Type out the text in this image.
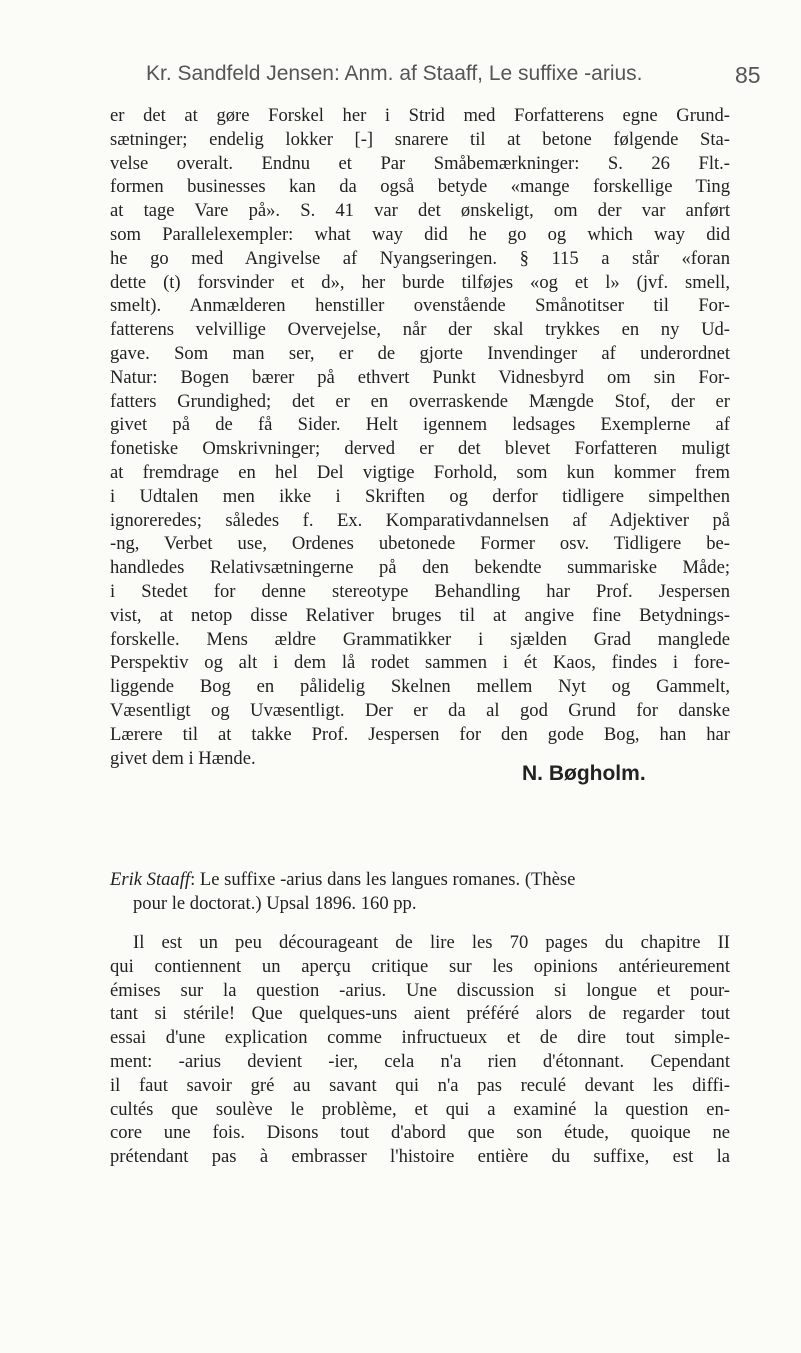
Kr. Sandfeld Jensen: Anm. af Staaff, Le suffixe -arius.	85
er det at gøre Forskel her i Strid med Forfatterens egne Grund-
sætninger; endelig lokker [-] snarere til at betone følgende Sta-
velse overalt. Endnu et Par Småbemærkninger: S. 26 Flt.-
formen businesses kan da også betyde «mange forskellige Ting
at tage Vare på». S. 41 var det ønskeligt, om der var anført
som Parallelexempler: what way did he go og which way did
he go med Angivelse af Nyangseringen. § 115 a står «foran
dette (t) forsvinder et d», her burde tilføjes «og et l» (jvf. smell,
smelt). Anmælderen henstiller ovenstående Smånotitser til For-
fatterens velvillige Overvejelse, når der skal trykkes en ny Ud-
gave. Som man ser, er de gjorte Invendinger af underordnet
Natur: Bogen bærer på ethvert Punkt Vidnesbyrd om sin For-
fatters Grundighed; det er en overraskende Mængde Stof, der er
givet på de få Sider. Helt igennem ledsages Exemplerne af
fonetiske Omskrivninger; derved er det blevet Forfatteren muligt
at fremdrage en hel Del vigtige Forhold, som kun kommer frem
i Udtalen men ikke i Skriften og derfor tidligere simpelthen
ignoreredes; således f. Ex. Komparativdannelsen af Adjektiver på
-ng, Verbet use, Ordenes ubetonede Former osv. Tidligere be-
handledes Relativsætningerne på den bekendte summariske Måde;
i Stedet for denne stereotype Behandling har Prof. Jespersen
vist, at netop disse Relativer bruges til at angive fine Betydnings-
forskelle. Mens ældre Grammatikker i sjælden Grad manglede
Perspektiv og alt i dem lå rodet sammen i ét Kaos, findes i fore-
liggende Bog en pålidelig Skelnen mellem Nyt og Gammelt,
Væsentligt og Uvæsentligt. Der er da al god Grund for danske
Lærere til at takke Prof. Jespersen for den gode Bog, han har
givet dem i Hænde.
N. Bøgholm.
Erik Staaff: Le suffixe -arius dans les langues romanes. (Thèse
pour le doctorat.) Upsal 1896. 160 pp.
Il est un peu décourageant de lire les 70 pages du chapitre II
qui contiennent un aperçu critique sur les opinions antérieurement
émises sur la question -arius. Une discussion si longue et pour-
tant si stérile! Que quelques-uns aient préféré alors de regarder tout
essai d'une explication comme infructueux et de dire tout simple-
ment: -arius devient -ier, cela n'a rien d'étonnant. Cependant
il faut savoir gré au savant qui n'a pas reculé devant les diffi-
cultés que soulève le problème, et qui a examiné la question en-
core une fois. Disons tout d'abord que son étude, quoique ne
prétendant pas à embrasser l'histoire entière du suffixe, est la
